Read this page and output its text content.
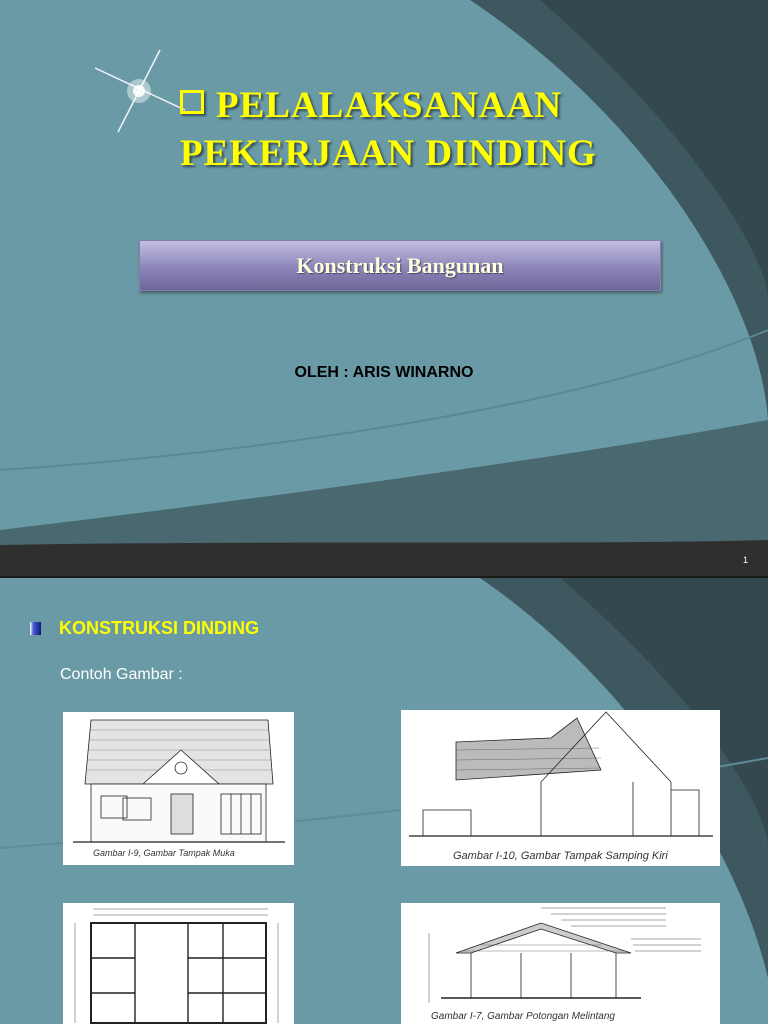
PELALAKSANAAN
PEKERJAAN DINDING
Konstruksi Bangunan
OLEH : ARIS WINARNO
1
KONSTRUKSI DINDING
Contoh Gambar :
Gambar I-9, Gambar Tampak Muka	Gambar I-10, Gambar Tampak Samping Kiri
Gambar I-7, Gambar Potongan Melintang
